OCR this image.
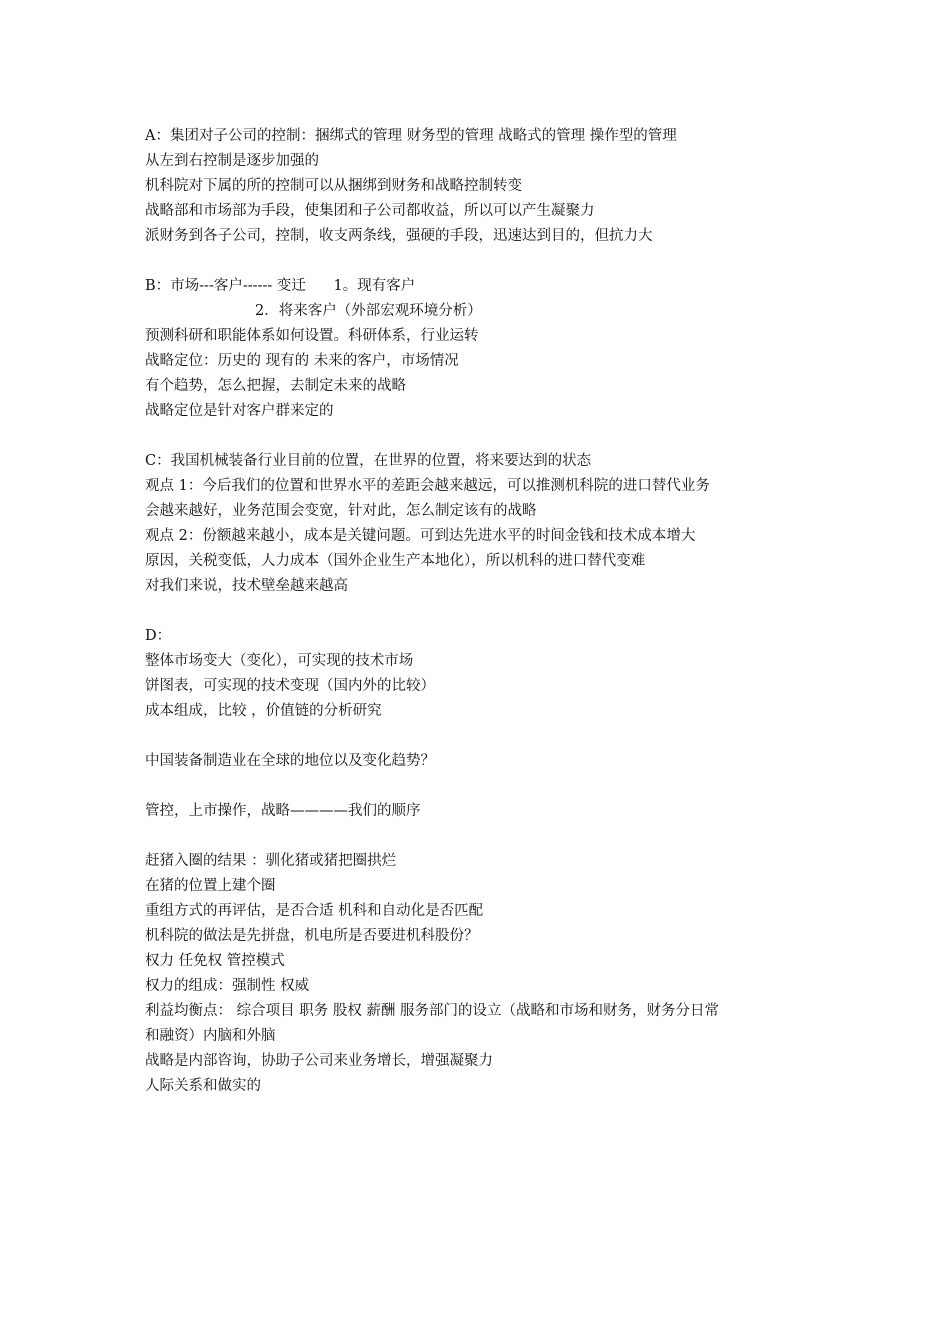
A：集团对子公司的控制：捆绑式的管理 财务型的管理 战略式的管理 操作型的管理
从左到右控制是逐步加强的
机科院对下属的所的控制可以从捆绑到财务和战略控制转变
战略部和市场部为手段，使集团和子公司都收益，所以可以产生凝聚力
派财务到各子公司，控制，收支两条线，强硬的手段，迅速达到目的，但抗力大
B：市场---客户------ 变迁      1。现有客户
2．将来客户（外部宏观环境分析）
预测科研和职能体系如何设置。科研体系，行业运转
战略定位：历史的 现有的 未来的客户，市场情况
有个趋势，怎么把握，去制定未来的战略
战略定位是针对客户群来定的
C：我国机械装备行业目前的位置，在世界的位置，将来要达到的状态
观点 1：今后我们的位置和世界水平的差距会越来越远，可以推测机科院的进口替代业务
会越来越好，业务范围会变宽，针对此，怎么制定该有的战略
观点 2：份额越来越小，成本是关键问题。可到达先进水平的时间金钱和技术成本增大
原因，关税变低，人力成本（国外企业生产本地化），所以机科的进口替代变难
对我们来说，技术壁垒越来越高
D：
整体市场变大（变化），可实现的技术市场
饼图表，可实现的技术变现（国内外的比较）
成本组成，比较 ，价值链的分析研究
中国装备制造业在全球的地位以及变化趋势？
管控，上市操作，战略————我们的顺序
赶猪入圈的结果 ：驯化猪或猪把圈拱烂
在猪的位置上建个圈
重组方式的再评估，是否合适 机科和自动化是否匹配
机科院的做法是先拼盘，机电所是否要进机科股份？
权力 任免权 管控模式
权力的组成：强制性 权威
利益均衡点： 综合项目 职务 股权 薪酬 服务部门的设立（战略和市场和财务，财务分日常
和融资）内脑和外脑
战略是内部咨询，协助子公司来业务增长，增强凝聚力
人际关系和做实的
